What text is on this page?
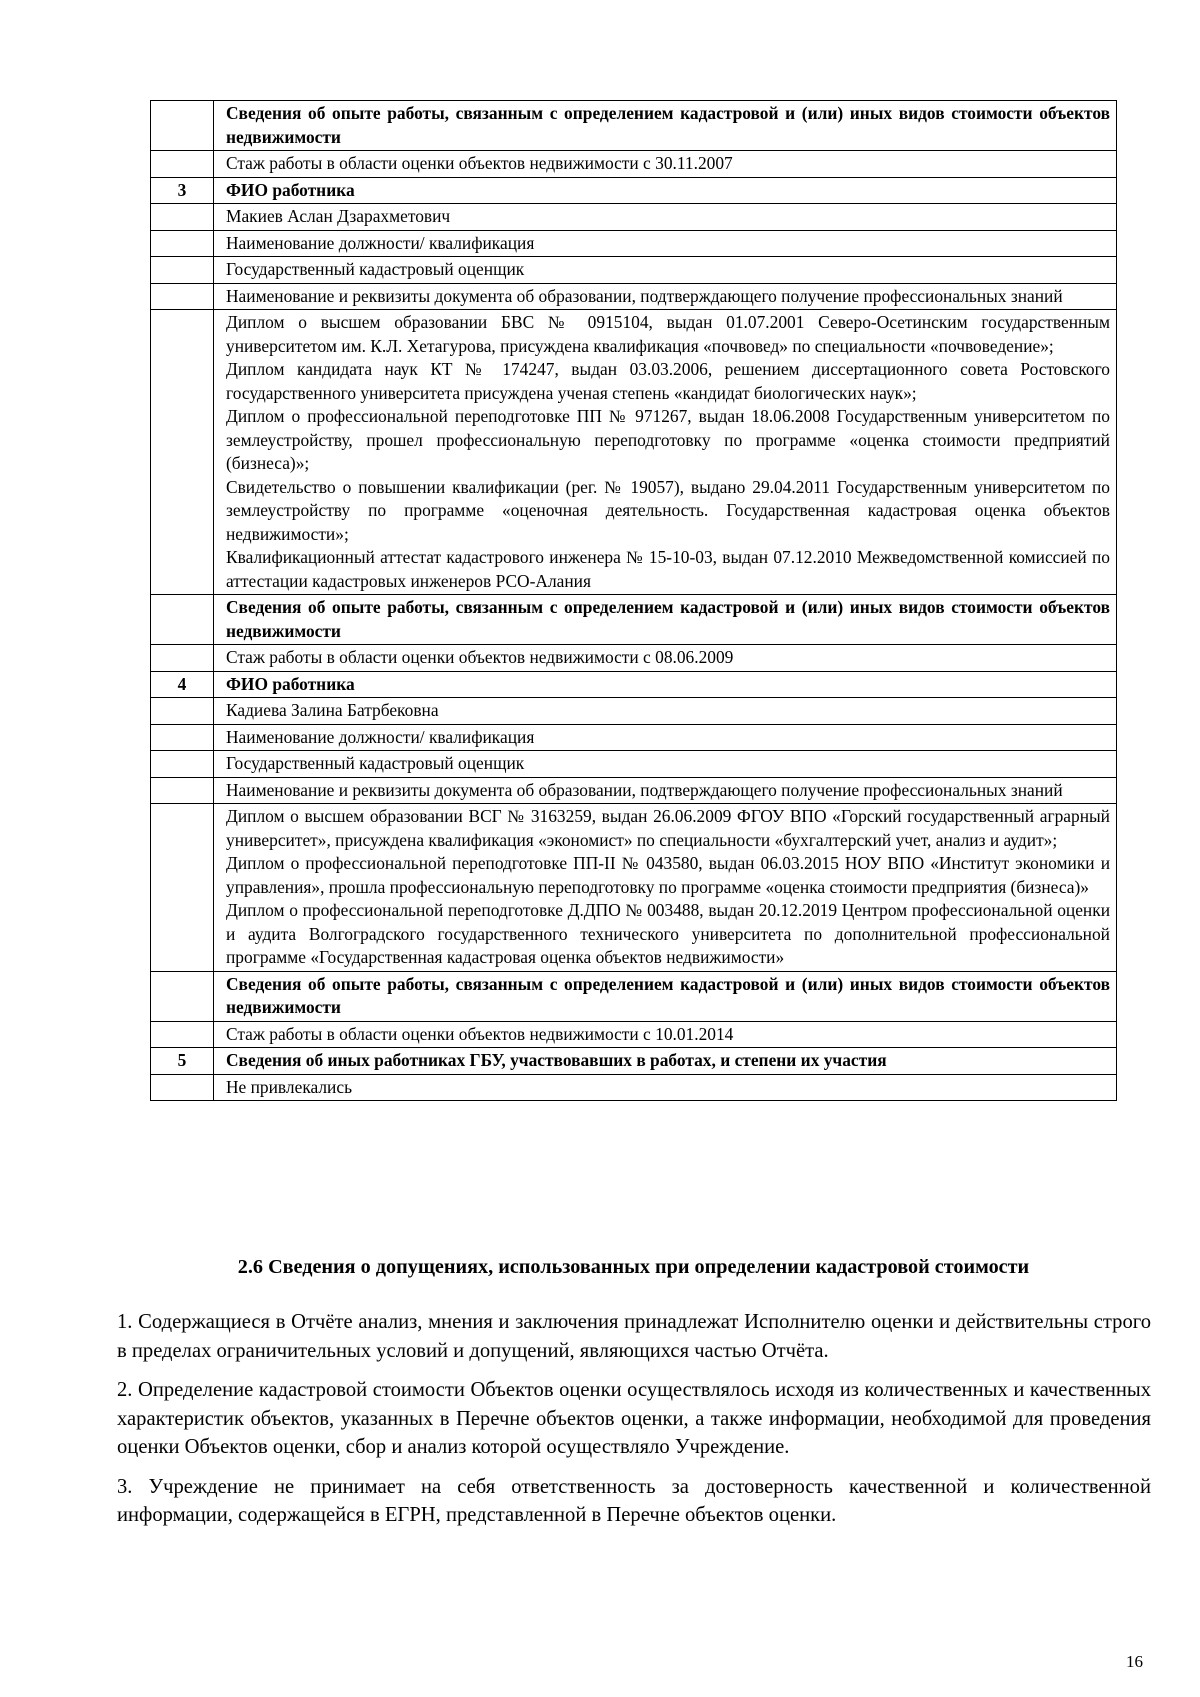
	Сведения об опыте работы, связанным с определением кадастровой и (или) иных видов стоимости объектов недвижимости
	Стаж работы в области оценки объектов недвижимости с 30.11.2007
3	ФИО работника
	Макиев Аслан Дзарахметович
	Наименование должности/ квалификация
	Государственный кадастровый оценщик
	Наименование и реквизиты документа об образовании, подтверждающего получение профессиональных знаний

	Диплом о высшем образовании БВС № 0915104, выдан 01.07.2001 Северо-Осетинским государственным университетом им. К.Л. Хетагурова, присуждена квалификация «почвовед» по специальности «почвоведение»;
Диплом кандидата наук КТ № 174247, выдан 03.03.2006, решением диссертационного совета Ростовского государственного университета присуждена ученая степень «кандидат биологических наук»;
Диплом о профессиональной переподготовке ПП № 971267, выдан 18.06.2008 Государственным университетом по землеустройству, прошел профессиональную переподготовку по программе «оценка стоимости предприятий (бизнеса)»;
Свидетельство о повышении квалификации (рег. № 19057), выдано 29.04.2011 Государственным университетом по землеустройству по программе «оценочная деятельность. Государственная кадастровая оценка объектов недвижимости»;
Квалификационный аттестат кадастрового инженера № 15-10-03, выдан 07.12.2010 Межведомственной комиссией по аттестации кадастровых инженеров РСО-Алания

	Сведения об опыте работы, связанным с определением кадастровой и (или) иных видов стоимости объектов недвижимости
	Стаж работы в области оценки объектов недвижимости с 08.06.2009
4	ФИО работника
	Кадиева Залина Батрбековна
	Наименование должности/ квалификация
	Государственный кадастровый оценщик
	Наименование и реквизиты документа об образовании, подтверждающего получение профессиональных знаний

	Диплом о высшем образовании ВСГ № 3163259, выдан 26.06.2009 ФГОУ ВПО «Горский государственный аграрный университет», присуждена квалификация «экономист» по специальности «бухгалтерский учет, анализ и аудит»;
Диплом о профессиональной переподготовке ПП-II № 043580, выдан 06.03.2015 НОУ ВПО «Институт экономики и управления», прошла профессиональную переподготовку по программе «оценка стоимости предприятия (бизнеса)»
Диплом о профессиональной переподготовке Д.ДПО № 003488, выдан 20.12.2019 Центром профессиональной оценки и аудита Волгоградского государственного технического университета по дополнительной профессиональной программе «Государственная кадастровая оценка объектов недвижимости»

	Сведения об опыте работы, связанным с определением кадастровой и (или) иных видов стоимости объектов недвижимости
	Стаж работы в области оценки объектов недвижимости с 10.01.2014
5	Сведения об иных работниках ГБУ, участвовавших в работах, и степени их участия
	Не привлекались
2.6 Сведения о допущениях, использованных при определении кадастровой стоимости

1. Содержащиеся в Отчёте анализ, мнения и заключения принадлежат Исполнителю оценки и действительны строго в пределах ограничительных условий и допущений, являющихся частью Отчёта.

2. Определение кадастровой стоимости Объектов оценки осуществлялось исходя из количественных и качественных характеристик объектов, указанных в Перечне объектов оценки, а также информации, необходимой для проведения оценки Объектов оценки, сбор и анализ которой осуществляло Учреждение.

3. Учреждение не принимает на себя ответственность за достоверность качественной и количественной информации, содержащейся в ЕГРН, представленной в Перечне объектов оценки.

16
